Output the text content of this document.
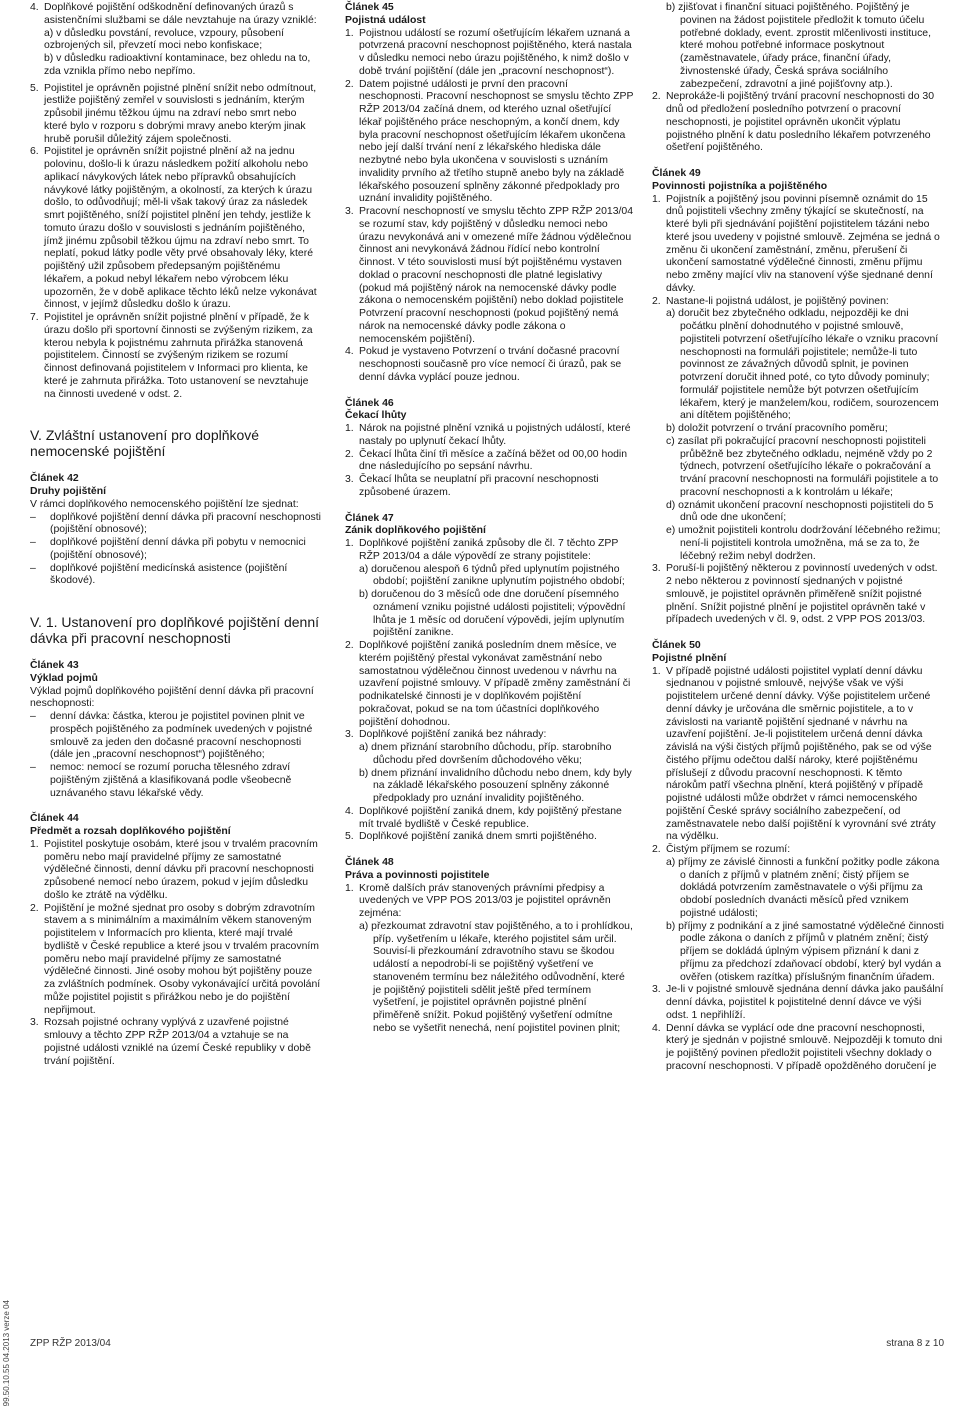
4. Doplňkové pojištění odškodnění definovaných úrazů s asistenčními službami se dále nevztahuje na úrazy vzniklé:

a) v důsledku povstání, revoluce, vzpoury, působení ozbrojených sil, převzetí moci nebo konfiskace;

b) v důsledku radioaktivní kontaminace, bez ohledu na to, zda vznikla přímo nebo nepřímo.

5. Pojistitel je oprávněn pojistné plnění snížit nebo odmítnout, jestliže pojištěný zemřel v souvislosti s jednáním, kterým způsobil jinému těžkou újmu na zdraví nebo smrt nebo které bylo v rozporu s dobrými mravy anebo kterým jinak hrubě porušil důležitý zájem společnosti.

6. Pojistitel je oprávněn snížit pojistné plnění až na jednu polovinu, došlo-li k úrazu následkem požití alkoholu nebo aplikací návykových látek nebo přípravků obsahujících návykové látky pojištěným, a okolností, za kterých k úrazu došlo, to odůvodňují; měl-li však takový úraz za následek smrt pojištěného, sníží pojistitel plnění jen tehdy, jestliže k tomuto úrazu došlo v souvislosti s jednáním pojištěného, jímž jinému způsobil těžkou újmu na zdraví nebo smrt. To neplatí, pokud látky podle věty prvé obsahovaly léky, které pojištěný užil způsobem předepsaným pojištěnému lékařem, a pokud nebyl lékařem nebo výrobcem léku upozorněn, že v době aplikace těchto léků nelze vykonávat činnost, v jejímž důsledku došlo k úrazu.

7. Pojistitel je oprávněn snížit pojistné plnění v případě, že k úrazu došlo při sportovní činnosti se zvýšeným rizikem, za kterou nebyla k pojistnému zahrnuta přirážka stanovená pojistitelem. Činností se zvýšeným rizikem se rozumí činnost definovaná pojistitelem v Informaci pro klienta, ke které je zahrnuta přirážka. Toto ustanovení se nevztahuje na činnosti uvedené v odst. 2.

V. Zvláštní ustanovení pro doplňkové nemocenské pojištění
Článek 42
Druhy pojištění

V rámci doplňkového nemocenského pojištění lze sjednat:

– doplňkové pojištění denní dávka při pracovní neschopnosti (pojištění obnosové);

– doplňkové pojištění denní dávka při pobytu v nemocnici (pojištění obnosové);

– doplňkové pojištění medicínská asistence (pojištění škodové).

V. 1. Ustanovení pro doplňkové pojištění denní dávka při pracovní neschopnosti
Článek 43
Výklad pojmů

Výklad pojmů doplňkového pojištění denní dávka při pracovní neschopnosti:

– denní dávka: částka, kterou je pojistitel povinen plnit ve prospěch pojištěného za podmínek uvedených v pojistné smlouvě za jeden den dočasné pracovní neschopnosti (dále jen „pracovní neschopnost“) pojištěného;

– nemoc: nemocí se rozumí porucha tělesného zdraví pojištěným zjištěná a klasifikovaná podle všeobecně uznávaného stavu lékařské vědy.

Článek 44
Předmět a rozsah doplňkového pojištění
1. Pojistitel poskytuje osobám, které jsou v trvalém pracovním poměru nebo mají pravidelné příjmy ze samostatné výdělečné činnosti, denní dávku při pracovní neschopnosti způsobené nemocí nebo úrazem, pokud v jejím důsledku došlo ke ztrátě na výdělku.

2. Pojištění je možné sjednat pro osoby s dobrým zdravotním stavem a s minimálním a maximálním věkem stanoveným pojistitelem v Informacích pro klienta, které mají trvalé bydliště v České republice a které jsou v trvalém pracovním poměru nebo mají pravidelné příjmy ze samostatné výdělečné činnosti. Jiné osoby mohou být pojištěny pouze za zvláštních podmínek. Osoby vykonávající určitá povolání může pojistitel pojistit s přirážkou nebo je do pojištění nepřijmout.

3. Rozsah pojistné ochrany vyplývá z uzavřené pojistné smlouvy a těchto ZPP RŽP 2013/04 a vztahuje se na pojistné události vzniklé na území České republiky v době trvání pojištění.

Článek 45
Pojistná událost
1. Pojistnou událostí se rozumí ošetřujícím lékařem uznaná a potvrzená pracovní neschopnost pojištěného, která nastala v důsledku nemoci nebo úrazu pojištěného, k nimž došlo v době trvání pojištění (dále jen „pracovní neschopnost“).

2. Datem pojistné události je první den pracovní neschopnosti. Pracovní neschopnost se smyslu těchto ZPP RŽP 2013/04 začíná dnem, od kterého uznal ošetřující lékař pojištěného práce neschopným, a končí dnem, kdy byla pracovní neschopnost ošetřujícím lékařem ukončena nebo její další trvání není z lékařského hlediska dále nezbytné nebo byla ukončena v souvislosti s uznáním invalidity prvního až třetího stupně anebo byly na základě lékařského posouzení splněny zákonné předpoklady pro uznání invalidity pojištěného.

3. Pracovní neschopností ve smyslu těchto ZPP RŽP 2013/04 se rozumí stav, kdy pojištěný v důsledku nemoci nebo úrazu nevykonává ani v omezené míře žádnou výdělečnou činnost ani nevykonává žádnou řídící nebo kontrolní činnost. V této souvislosti musí být pojištěnému vystaven doklad o pracovní neschopnosti dle platné legislativy (pokud má pojištěný nárok na nemocenské dávky podle zákona o nemocenském pojištění) nebo doklad pojistitele Potvrzení pracovní neschopnosti (pokud pojištěný nemá nárok na nemocenské dávky podle zákona o nemocenském pojištění).

4. Pokud je vystaveno Potvrzení o trvání dočasné pracovní neschopnosti současně pro více nemocí či úrazů, pak se denní dávka vyplácí pouze jednou.

Článek 46
Čekací lhůty
1. Nárok na pojistné plnění vzniká u pojistných událostí, které nastaly po uplynutí čekací lhůty.

2. Čekací lhůta činí tři měsíce a začíná běžet od 00,00 hodin dne následujícího po sepsání návrhu.

3. Čekací lhůta se neuplatní při pracovní neschopnosti způsobené úrazem.

Článek 47
Zánik doplňkového pojištění
1. Doplňkové pojištění zaniká způsoby dle čl. 7 těchto ZPP RŽP 2013/04 a dále výpovědí ze strany pojistitele:

a) doručenou alespoň 6 týdnů před uplynutím pojistného období; pojištění zanikne uplynutím pojistného období;

b) doručenou do 3 měsíců ode dne doručení písemného oznámení vzniku pojistné události pojistiteli; výpovědní lhůta je 1 měsíc od doručení výpovědi, jejím uplynutím pojištění zanikne.

2. Doplňkové pojištění zaniká posledním dnem měsíce, ve kterém pojištěný přestal vykonávat zaměstnání nebo samostatnou výdělečnou činnost uvedenou v návrhu na uzavření pojistné smlouvy. V případě změny zaměstnání či podnikatelské činnosti je v doplňkovém pojištění pokračovat, pokud se na tom účastníci doplňkového pojištění dohodnou.

3. Doplňkové pojištění zaniká bez náhrady:

a) dnem přiznání starobního důchodu, příp. starobního důchodu před dovršením důchodového věku;

b) dnem přiznání invalidního důchodu nebo dnem, kdy byly na základě lékařského posouzení splněny zákonné předpoklady pro uznání invalidity pojištěného.

4. Doplňkové pojištění zaniká dnem, kdy pojištěný přestane mít trvalé bydliště v České republice.

5. Doplňkové pojištění zaniká dnem smrti pojištěného.

Článek 48
Práva a povinnosti pojistitele
1. Kromě dalších práv stanovených právními předpisy a uvedených ve VPP POS 2013/03 je pojistitel oprávněn zejména:

a) přezkoumat zdravotní stav pojištěného, a to i prohlídkou, příp. vyšetřením u lékaře, kterého pojistitel sám určil. Souvisí-li přezkoumání zdravotního stavu se škodou událostí a nepodrobí-li se pojištěný vyšetření ve stanoveném termínu bez náležitého odůvodnění, které je pojištěný pojistiteli sdělit ještě před termínem vyšetření, je pojistitel oprávněn pojistné plnění přiměřeně snížit. Pokud pojištěný vyšetření odmítne nebo se vyšetřit nenechá, není pojistitel povinen plnit;

b) zjišťovat i finanční situaci pojištěného. Pojištěný je povinen na žádost pojistitele předložit k tomuto účelu potřebné doklady, event. zprostit mlčenlivosti instituce, které mohou potřebné informace poskytnout (zaměstnavatele, úřady práce, finanční úřady, živnostenské úřady, Česká správa sociálního zabezpečení, zdravotní a jiné pojišťovny atp.).

2. Neprokáže-li pojištěný trvání pracovní neschopnosti do 30 dnů od předložení posledního potvrzení o pracovní neschopnosti, je pojistitel oprávněn ukončit výplatu pojistného plnění k datu posledního lékařem potvrzeného ošetření pojištěného.

Článek 49
Povinnosti pojistníka a pojištěného
1. Pojistník a pojištěný jsou povinni písemně oznámit do 15 dnů pojistiteli všechny změny týkající se skutečností, na které byli při sjednávání pojištění pojistitelem tázáni nebo které jsou uvedeny v pojistné smlouvě. Zejména se jedná o změnu či ukončení zaměstnání, změnu, přerušení či ukončení samostatné výdělečné činnosti, změnu příjmu nebo změny mající vliv na stanovení výše sjednané denní dávky.

2. Nastane-li pojistná událost, je pojištěný povinen:

a) doručit bez zbytečného odkladu, nejpozději ke dni počátku plnění dohodnutého v pojistné smlouvě, pojistiteli potvrzení ošetřujícího lékaře o vzniku pracovní neschopnosti na formuláři pojistitele; nemůže-li tuto povinnost ze závažných důvodů splnit, je povinen potvrzení doručit ihned poté, co tyto důvody pominuly; formulář pojistitele nemůže být potvrzen ošetřujícím lékařem, který je manželem/kou, rodičem, sourozencem ani dítětem pojištěného;

b) doložit potvrzení o trvání pracovního poměru;

c) zasílat při pokračující pracovní neschopnosti pojistiteli průběžně bez zbytečného odkladu, nejméně vždy po 2 týdnech, potvrzení ošetřujícího lékaře o pokračování a trvání pracovní neschopnosti na formuláři pojistitele a to pracovní neschopnosti a k kontrolám u lékaře;

d) oznámit ukončení pracovní neschopnosti pojistiteli do 5 dnů ode dne ukončení;

e) umožnit pojistiteli kontrolu dodržování léčebného režimu; není-li pojistiteli kontrola umožněna, má se za to, že léčebný režim nebyl dodržen.

3. Poruší-li pojištěný některou z povinností uvedených v odst. 2 nebo některou z povinností sjednaných v pojistné smlouvě, je pojistitel oprávněn přiměřeně snížit pojistné plnění. Snížit pojistné plnění je pojistitel oprávněn také v případech uvedených v čl. 9, odst. 2 VPP POS 2013/03.

Článek 50
Pojistné plnění
1. V případě pojistné události pojistitel vyplatí denní dávku sjednanou v pojistné smlouvě, nejvýše však ve výši pojistitelem určené denní dávky. Výše pojistitelem určené denní dávky je určována dle směrnic pojistitele, a to v závislosti na variantě pojištění sjednané v návrhu na uzavření pojištění. Je-li pojistitelem určená denní dávka závislá na výši čistých příjmů pojištěného, pak se od výše čistého příjmu odečtou další nároky, které pojištěnému příslušejí z důvodu pracovní neschopnosti. K těmto nárokům patří všechna plnění, která pojištěný v případě pojistné události může obdržet v rámci nemocenského pojištění České správy sociálního zabezpečení, od zaměstnavatele nebo další pojištění k vyrovnání své ztráty na výdělku.

2. Čistým příjmem se rozumí:

a) příjmy ze závislé činnosti a funkční požitky podle zákona o daních z příjmů v platném znění; čistý příjem se dokládá potvrzením zaměstnavatele o výši příjmu za období posledních dvanácti měsíců před vznikem pojistné události;

b) příjmy z podnikání a z jiné samostatné výdělečné činnosti podle zákona o daních z příjmů v platném znění; čistý příjem se dokládá úplným výpisem přiznání k dani z příjmu za předchozí zdaňovací období, který byl vydán a ověřen (otiskem razítka) příslušným finančním úřadem.

3. Je-li v pojistné smlouvě sjednána denní dávka jako paušální denní dávka, pojistitel k pojistitelné denní dávce ve výši odst. 1 nepřihlíží.

4. Denní dávka se vyplácí ode dne pracovní neschopnosti, který je sjednán v pojistné smlouvě. Nejpozději k tomuto dni je pojištěný povinen předložit pojistiteli všechny doklady o pracovní neschopnosti. V případě opožděného doručení je

99.50.10.55 04.2013 verze 04 ZPP RŽP 2013/04	strana 8 z 10
